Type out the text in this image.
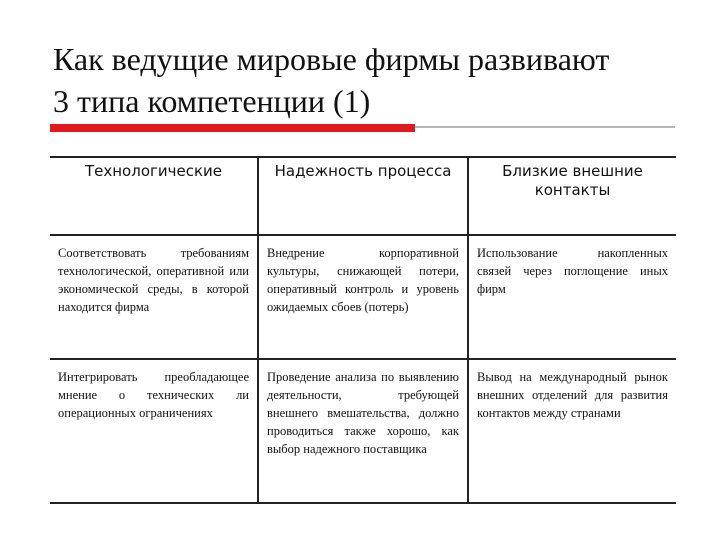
Как ведущие мировые фирмы развивают
3 типа компетенции (1)
Технологические	Надежность процесса	Близкие внешние контакты
Соответствовать требованиям технологической, оперативной или экономической среды, в которой находится фирма	Внедрение корпоративной культуры, снижающей потери, оперативный контроль и уровень ожидаемых сбоев (потерь)	Использование накопленных связей через поглощение иных фирм
Интегрировать преобладающее мнение о технических ли операционных ограничениях	Проведение анализа по выявлению деятельности, требующей внешнего вмешательства, должно проводиться также хорошо, как выбор надежного поставщика	Вывод на международный рынок внешних отделений для развития контактов между странами
